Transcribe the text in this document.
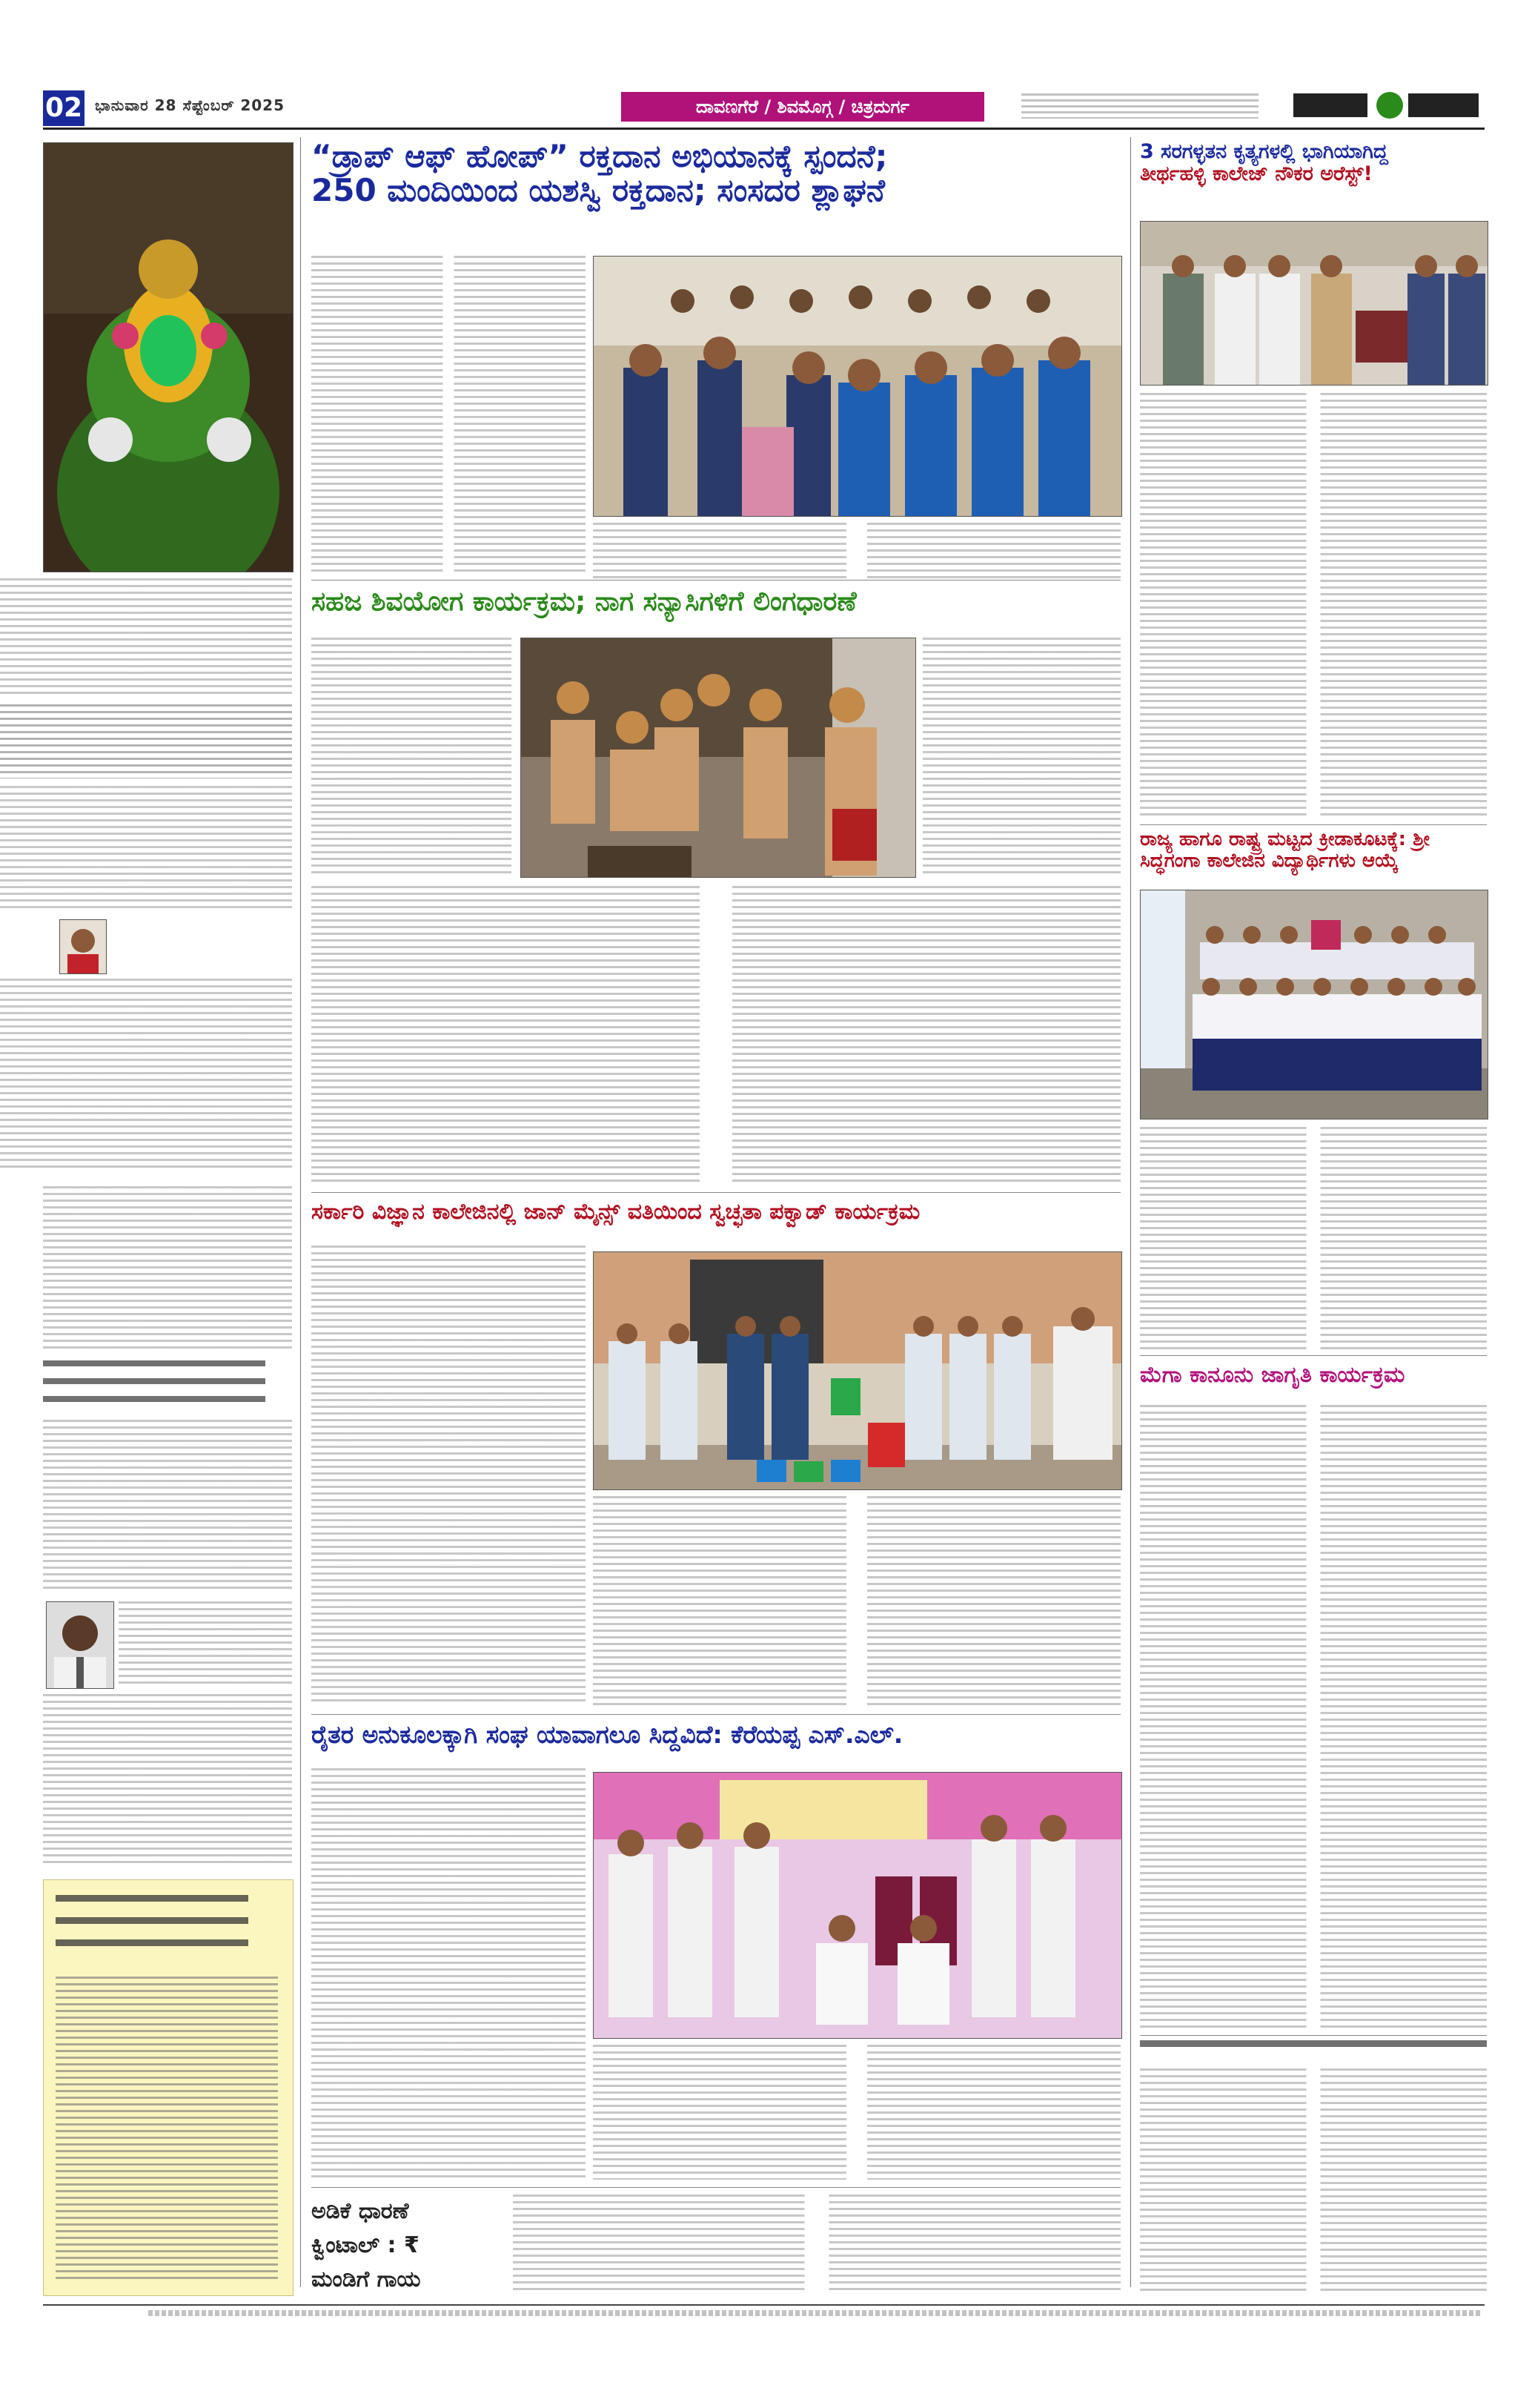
02 ಭಾನುವಾರ 28 ಸೆಪ್ಟೆಂಬರ್ 2025	ದಾವಣಗೆರೆ / ಶಿವಮೊಗ್ಗ / ಚಿತ್ರದುರ್ಗ
“ಡ್ರಾಪ್ ಆಫ್ ಹೋಪ್” ರಕ್ತದಾನ ಅಭಿಯಾನಕ್ಕೆ ಸ್ಪಂದನೆ;
250 ಮಂದಿಯಿಂದ ಯಶಸ್ವಿ ರಕ್ತದಾನ; ಸಂಸದರ ಶ್ಲಾಘನೆ
ಸಹಜ ಶಿವಯೋಗ ಕಾರ್ಯಕ್ರಮ; ನಾಗ ಸನ್ಯಾಸಿಗಳಿಗೆ ಲಿಂಗಧಾರಣೆ
ಸರ್ಕಾರಿ ವಿಜ್ಞಾನ ಕಾಲೇಜಿನಲ್ಲಿ ಜಾನ್ ಮೈನ್ಸ್ ವತಿಯಿಂದ ಸ್ವಚ್ಛತಾ ಪಕ್ವಾಡ್ ಕಾರ್ಯಕ್ರಮ
ರೈತರ ಅನುಕೂಲಕ್ಕಾಗಿ ಸಂಘ ಯಾವಾಗಲೂ ಸಿದ್ದವಿದೆ: ಕೆರೆಯಪ್ಪ ಎಸ್.ಎಲ್.
ಅಡಿಕೆ ಧಾರಣೆ
ಕ್ವಿಂಟಾಲ್ : ₹
ಮಂಡಿಗೆ ಗಾಯ
3 ಸರಗಳ್ಳತನ ಕೃತ್ಯಗಳಲ್ಲಿ ಭಾಗಿಯಾಗಿದ್ದ
ತೀರ್ಥಹಳ್ಳಿ ಕಾಲೇಜ್ ನೌಕರ ಅರೆಸ್ಟ್!
ರಾಜ್ಯ ಹಾಗೂ ರಾಷ್ಟ್ರ ಮಟ್ಟದ ಕ್ರೀಡಾಕೂಟಕ್ಕೆ: ಶ್ರೀ
ಸಿದ್ಧಗಂಗಾ ಕಾಲೇಜಿನ ವಿದ್ಯಾರ್ಥಿಗಳು ಆಯ್ಕೆ
ಮೆಗಾ ಕಾನೂನು ಜಾಗೃತಿ ಕಾರ್ಯಕ್ರಮ
